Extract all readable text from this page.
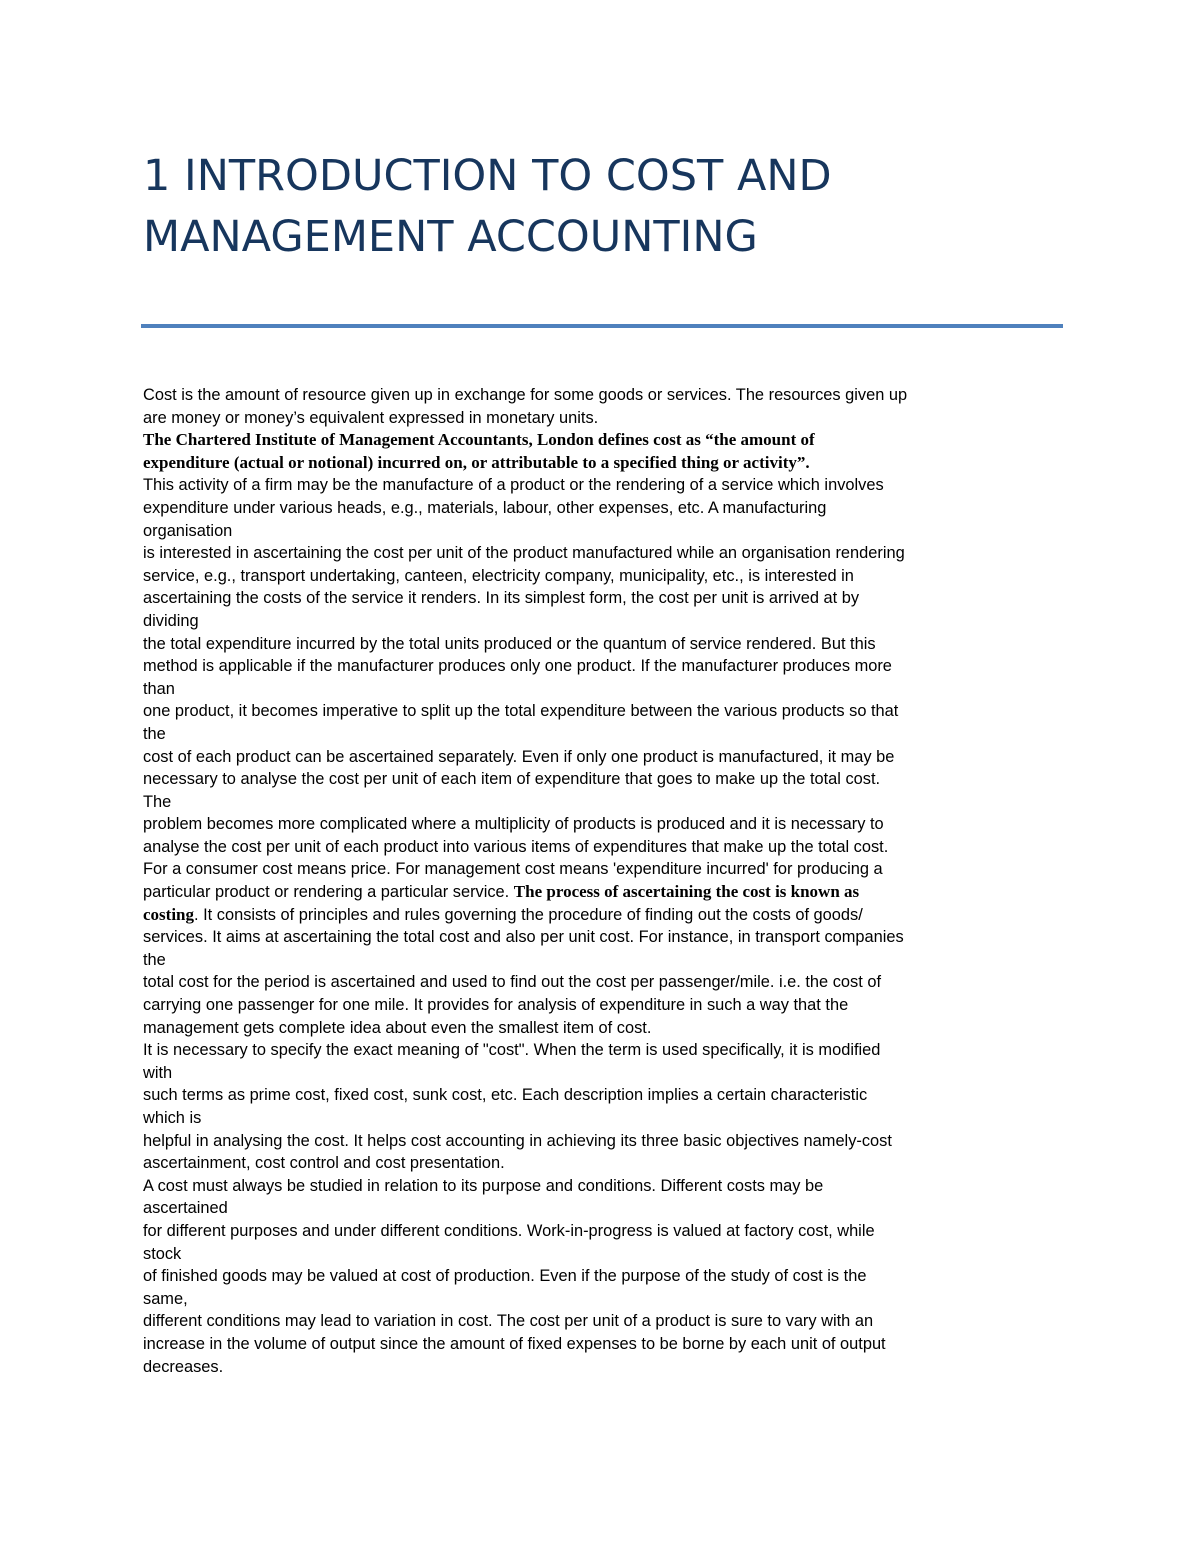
1 INTRODUCTION TO COST AND
MANAGEMENT ACCOUNTING
Cost is the amount of resource given up in exchange for some goods or services. The resources given up
are money or money’s equivalent expressed in monetary units.
The Chartered Institute of Management Accountants, London defines cost as “the amount of
expenditure (actual or notional) incurred on, or attributable to a specified thing or activity”.
This activity of a firm may be the manufacture of a product or the rendering of a service which involves
expenditure under various heads, e.g., materials, labour, other expenses, etc. A manufacturing
organisation
is interested in ascertaining the cost per unit of the product manufactured while an organisation rendering
service, e.g., transport undertaking, canteen, electricity company, municipality, etc., is interested in
ascertaining the costs of the service it renders. In its simplest form, the cost per unit is arrived at by
dividing
the total expenditure incurred by the total units produced or the quantum of service rendered. But this
method is applicable if the manufacturer produces only one product. If the manufacturer produces more
than
one product, it becomes imperative to split up the total expenditure between the various products so that
the
cost of each product can be ascertained separately. Even if only one product is manufactured, it may be
necessary to analyse the cost per unit of each item of expenditure that goes to make up the total cost.
The
problem becomes more complicated where a multiplicity of products is produced and it is necessary to
analyse the cost per unit of each product into various items of expenditures that make up the total cost.
For a consumer cost means price. For management cost means 'expenditure incurred' for producing a
particular product or rendering a particular service. The process of ascertaining the cost is known as
costing. It consists of principles and rules governing the procedure of finding out the costs of goods/
services. It aims at ascertaining the total cost and also per unit cost. For instance, in transport companies
the
total cost for the period is ascertained and used to find out the cost per passenger/mile. i.e. the cost of
carrying one passenger for one mile. It provides for analysis of expenditure in such a way that the
management gets complete idea about even the smallest item of cost.
It is necessary to specify the exact meaning of "cost". When the term is used specifically, it is modified
with
such terms as prime cost, fixed cost, sunk cost, etc. Each description implies a certain characteristic
which is
helpful in analysing the cost. It helps cost accounting in achieving its three basic objectives namely-cost
ascertainment, cost control and cost presentation.
A cost must always be studied in relation to its purpose and conditions. Different costs may be
ascertained
for different purposes and under different conditions. Work-in-progress is valued at factory cost, while
stock
of finished goods may be valued at cost of production. Even if the purpose of the study of cost is the
same,
different conditions may lead to variation in cost. The cost per unit of a product is sure to vary with an
increase in the volume of output since the amount of fixed expenses to be borne by each unit of output
decreases.
